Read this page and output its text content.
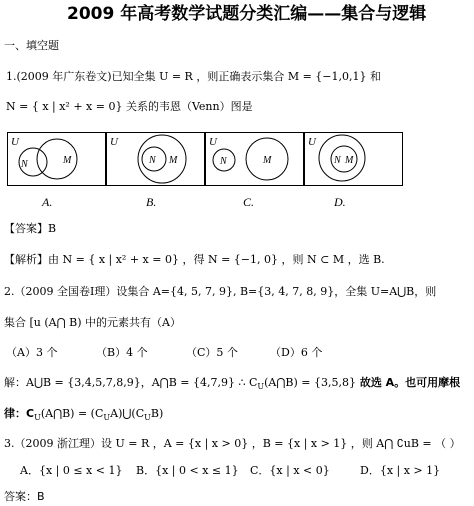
2009 年高考数学试题分类汇编——集合与逻辑
一、填空题
1.(2009 年广东卷文)已知全集 U = R ，则正确表示集合 M = {−1,0,1} 和
N = { x | x² + x = 0} 关系的韦恩（Venn）图是
U
N	M
U
N M
U
N	M
U
N M
A.	B.	C.	D.
【答案】B
【解析】由 N = { x | x² + x = 0} ，得 N = {−1, 0} ，则 N ⊂ M ，选 B.
2.（2009 全国卷Ⅰ理）设集合 A={4, 5, 7, 9}, B={3, 4, 7, 8, 9}，全集 U=A⋃B，则
集合 [u (A⋂ B) 中的元素共有（A）
（A）3 个	（B）4 个	（C）5 个	（D）6 个
解：A⋃B = {3,4,5,7,8,9}，A⋂B = {4,7,9} ∴ $C_U(A⋂B) = \{3,5,8\}$ 故选 A。也可用摩根
律：$C_U(A⋂B)$ = $(C_UA)⋃(C_UB)$
3.（2009 浙江理）设 U = R ，A = {x | x > 0} ，B = {x | x > 1} ，则 A⋂ ∁uB = （ ）
A．{x | 0 ≤ x < 1} B．{x | 0 < x ≤ 1} C．{x | x < 0}	D．{x | x > 1}
答案：B
